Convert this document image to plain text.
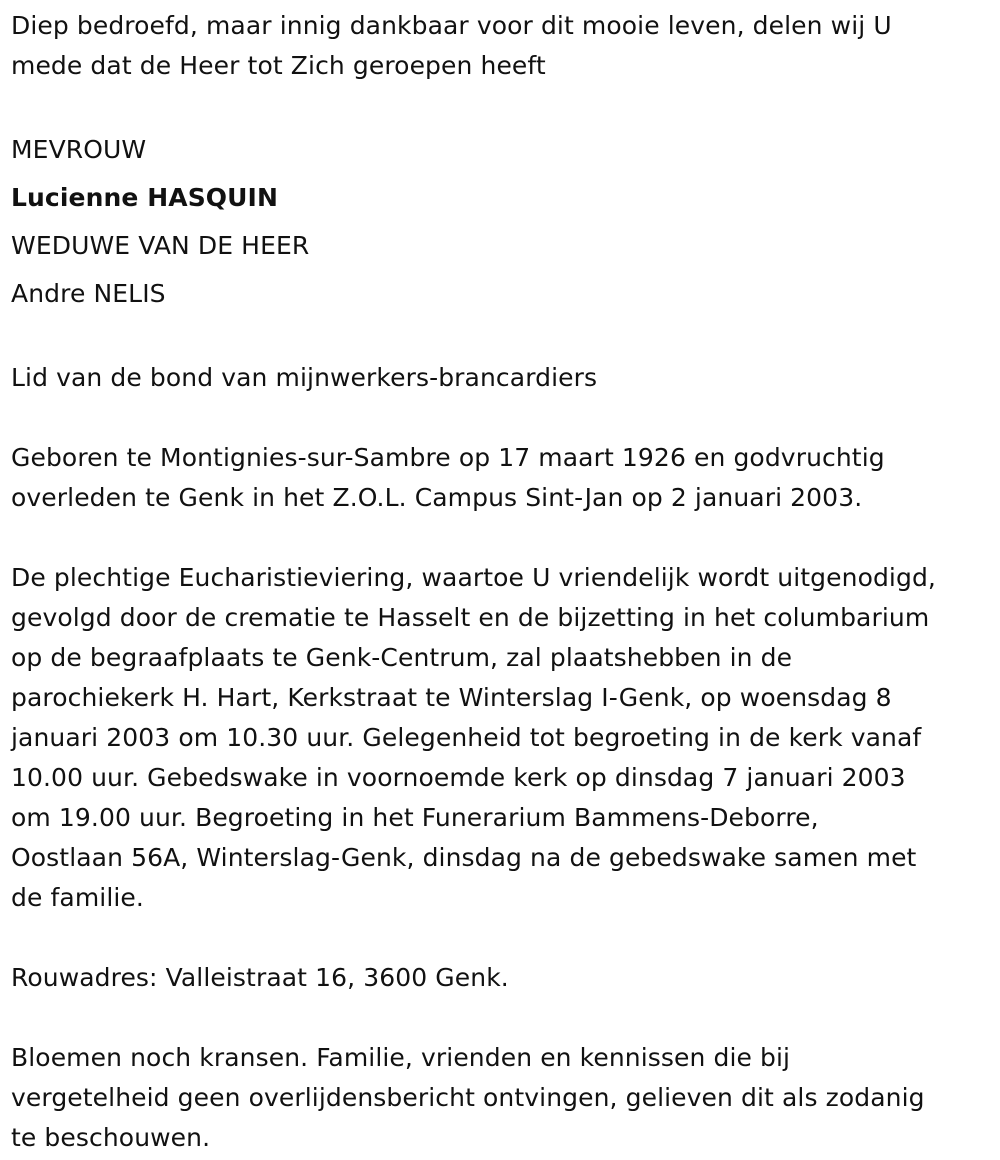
Diep bedroefd, maar innig dankbaar voor dit mooie leven, delen wij U
mede dat de Heer tot Zich geroepen heeft
MEVROUW
Lucienne HASQUIN
WEDUWE VAN DE HEER
Andre NELIS
Lid van de bond van mijnwerkers-brancardiers
Geboren te Montignies-sur-Sambre op 17 maart 1926 en godvruchtig
overleden te Genk in het Z.O.L. Campus Sint-Jan op 2 januari 2003.
De plechtige Eucharistieviering, waartoe U vriendelijk wordt uitgenodigd,
gevolgd door de crematie te Hasselt en de bijzetting in het columbarium
op de begraafplaats te Genk-Centrum, zal plaatshebben in de
parochiekerk H. Hart, Kerkstraat te Winterslag I-Genk, op woensdag 8
januari 2003 om 10.30 uur. Gelegenheid tot begroeting in de kerk vanaf
10.00 uur. Gebedswake in voornoemde kerk op dinsdag 7 januari 2003
om 19.00 uur. Begroeting in het Funerarium Bammens-Deborre,
Oostlaan 56A, Winterslag-Genk, dinsdag na de gebedswake samen met
de familie.
Rouwadres: Valleistraat 16, 3600 Genk.
Bloemen noch kransen. Familie, vrienden en kennissen die bij
vergetelheid geen overlijdensbericht ontvingen, gelieven dit als zodanig
te beschouwen.
